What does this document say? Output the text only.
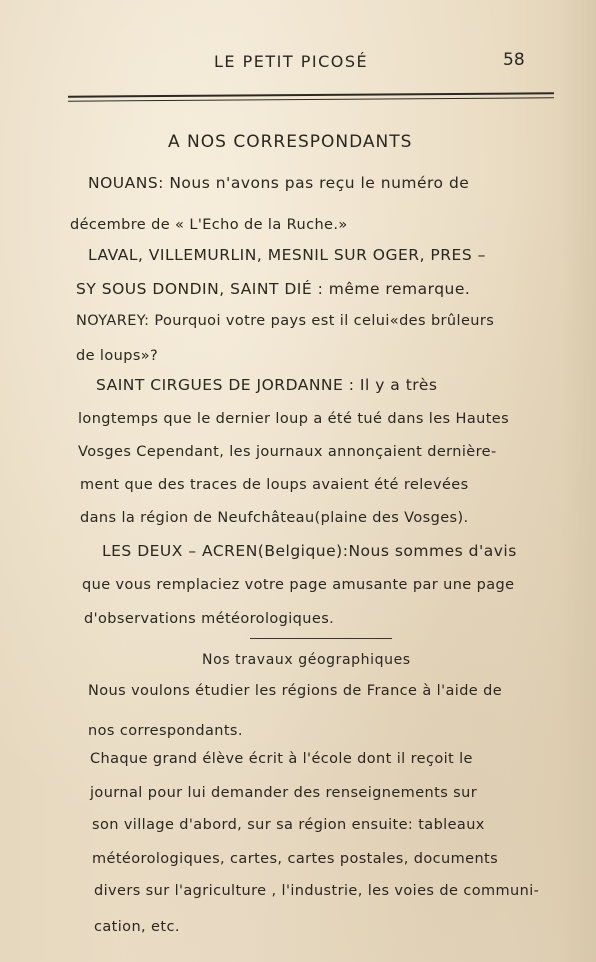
LE PETIT PICOSÉ	58
A NOS CORRESPONDANTS
NOUANS: Nous n'avons pas reçu le numéro de
décembre de « L'Echo de la Ruche.»
LAVAL, VILLEMURLIN, MESNIL SUR OGER, PRES –
SY SOUS DONDIN, SAINT DIÉ : même remarque.
NOYAREY: Pourquoi votre pays est il celui«des brûleurs
de loups»?
SAINT CIRGUES DE JORDANNE : Il y a très
longtemps que le dernier loup a été tué dans les Hautes
Vosges Cependant, les journaux annonçaient dernière-
ment que des traces de loups avaient été relevées
dans la région de Neufchâteau(plaine des Vosges).
LES DEUX – ACREN(Belgique):Nous sommes d'avis
que vous remplaciez votre page amusante par une page
d'observations météorologiques.
Nos travaux géographiques
Nous voulons étudier les régions de France à l'aide de
nos correspondants.
Chaque grand élève écrit à l'école dont il reçoit le
journal pour lui demander des renseignements sur
son village d'abord, sur sa région ensuite: tableaux
météorologiques, cartes, cartes postales, documents
divers sur l'agriculture , l'industrie, les voies de communi-
cation, etc.
